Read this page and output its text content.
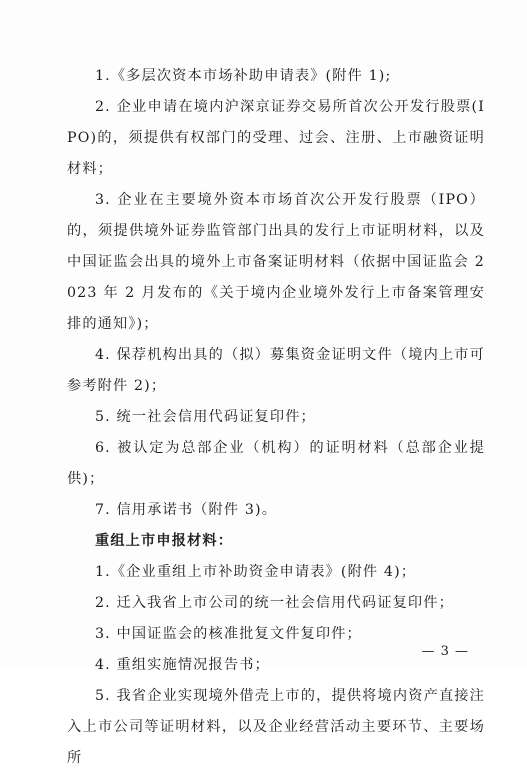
1.《多层次资本市场补助申请表》(附件 1);

2. 企业申请在境内沪深京证券交易所首次公开发行股票(IPO)的，须提供有权部门的受理、过会、注册、上市融资证明材料；

3. 企业在主要境外资本市场首次公开发行股票（IPO）的，须提供境外证券监管部门出具的发行上市证明材料，以及中国证监会出具的境外上市备案证明材料（依据中国证监会 2023 年 2 月发布的《关于境内企业境外发行上市备案管理安排的通知》)；

4. 保荐机构出具的（拟）募集资金证明文件（境内上市可参考附件 2)；

5. 统一社会信用代码证复印件；

6. 被认定为总部企业（机构）的证明材料（总部企业提供)；

7. 信用承诺书（附件 3)。

重组上市申报材料：

1.《企业重组上市补助资金申请表》(附件 4)；

2. 迁入我省上市公司的统一社会信用代码证复印件；

3. 中国证监会的核准批复文件复印件；

4. 重组实施情况报告书；

5. 我省企业实现境外借壳上市的，提供将境内资产直接注入上市公司等证明材料，以及企业经营活动主要环节、主要场所

— 3 —
